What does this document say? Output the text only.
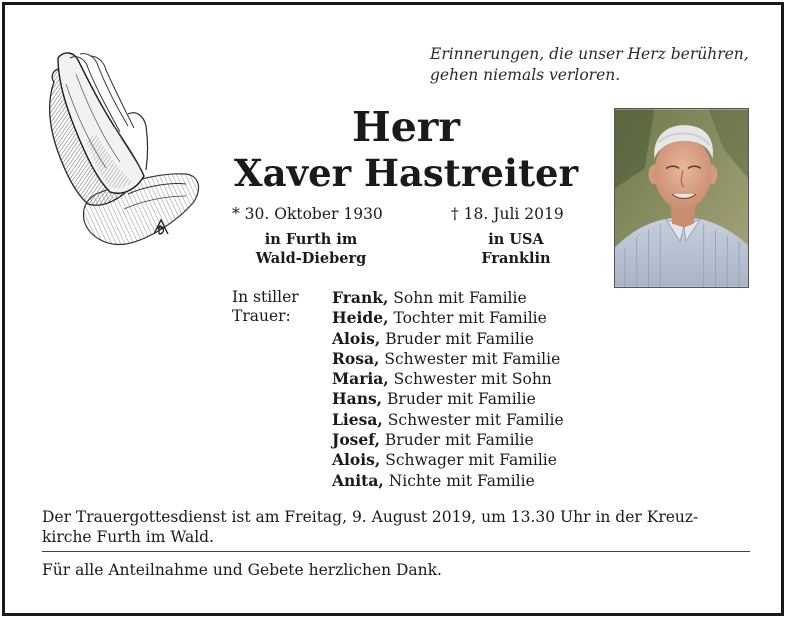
Erinnerungen, die unser Herz berühren,
gehen niemals verloren.
Herr
Xaver Hastreiter
* 30. Oktober 1930	† 18. Juli 2019
in Furth im
Wald-Dieberg
in USA
Franklin
In stiller
Trauer:
Frank, Sohn mit Familie
Heide, Tochter mit Familie
Alois, Bruder mit Familie
Rosa, Schwester mit Familie
Maria, Schwester mit Sohn
Hans, Bruder mit Familie
Liesa, Schwester mit Familie
Josef, Bruder mit Familie
Alois, Schwager mit Familie
Anita, Nichte mit Familie
Der Trauergottesdienst ist am Freitag, 9. August 2019, um 13.30 Uhr in der Kreuz-
kirche Furth im Wald.
Für alle Anteilnahme und Gebete herzlichen Dank.
